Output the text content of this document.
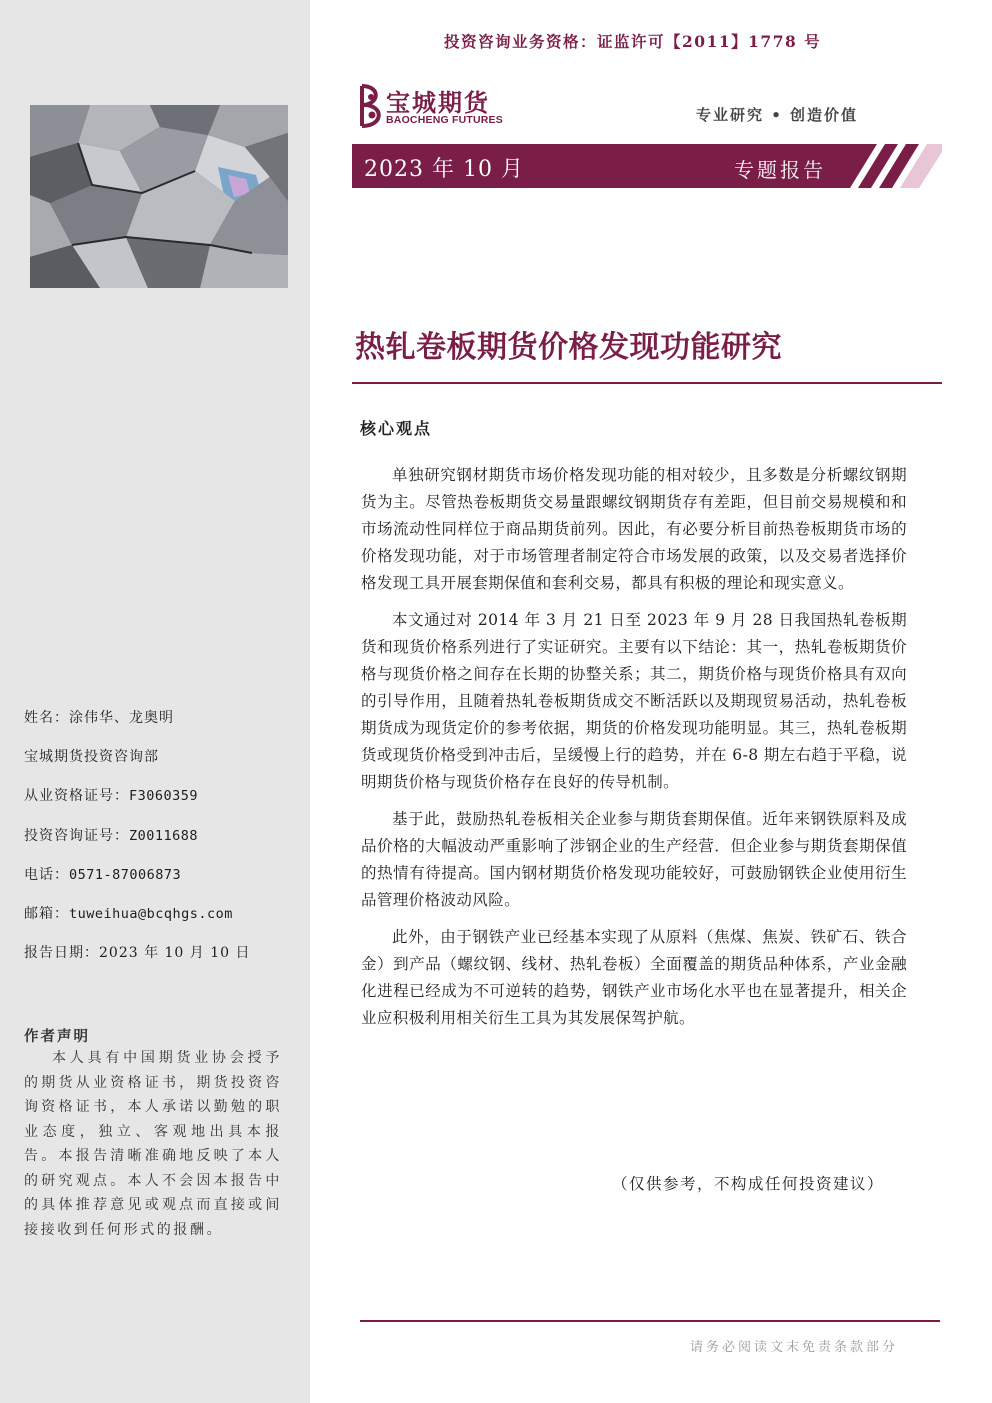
姓名：涂伟华、龙奥明
宝城期货投资咨询部
从业资格证号：F3060359
投资咨询证号：Z0011688
电话：0571-87006873
邮箱：tuweihua@bcqhgs.com
报告日期：2023 年 10 月 10 日
作者声明
本人具有中国期货业协会授予的期货从业资格证书，期货投资咨询资格证书，本人承诺以勤勉的职业态度，独立、客观地出具本报告。本报告清晰准确地反映了本人的研究观点。本人不会因本报告中的具体推荐意见或观点而直接或间接接收到任何形式的报酬。
投资咨询业务资格：证监许可【2011】1778 号
宝城期货
BAOCHENG FUTURES	专业研究 • 创造价值
2023 年 10 月	专题报告
热轧卷板期货价格发现功能研究
核心观点

单独研究钢材期货市场价格发现功能的相对较少，且多数是分析螺纹钢期货为主。尽管热卷板期货交易量跟螺纹钢期货存有差距，但目前交易规模和和市场流动性同样位于商品期货前列。因此，有必要分析目前热卷板期货市场的价格发现功能，对于市场管理者制定符合市场发展的政策，以及交易者选择价格发现工具开展套期保值和套利交易，都具有积极的理论和现实意义。

本文通过对 2014 年 3 月 21 日至 2023 年 9 月 28 日我国热轧卷板期货和现货价格系列进行了实证研究。主要有以下结论：其一，热轧卷板期货价格与现货价格之间存在长期的协整关系；其二，期货价格与现货价格具有双向的引导作用，且随着热轧卷板期货成交不断活跃以及期现贸易活动，热轧卷板期货成为现货定价的参考依据，期货的价格发现功能明显。其三，热轧卷板期货或现货价格受到冲击后，呈缓慢上行的趋势，并在 6-8 期左右趋于平稳，说明期货价格与现货价格存在良好的传导机制。

基于此，鼓励热轧卷板相关企业参与期货套期保值。近年来钢铁原料及成品价格的大幅波动严重影响了涉钢企业的生产经营．但企业参与期货套期保值的热情有待提高。国内钢材期货价格发现功能较好，可鼓励钢铁企业使用衍生品管理价格波动风险。

此外，由于钢铁产业已经基本实现了从原料（焦煤、焦炭、铁矿石、铁合金）到产品（螺纹钢、线材、热轧卷板）全面覆盖的期货品种体系，产业金融化进程已经成为不可逆转的趋势，钢铁产业市场化水平也在显著提升，相关企业应积极利用相关衍生工具为其发展保驾护航。

（仅供参考，不构成任何投资建议）
请务必阅读文末免责条款部分
